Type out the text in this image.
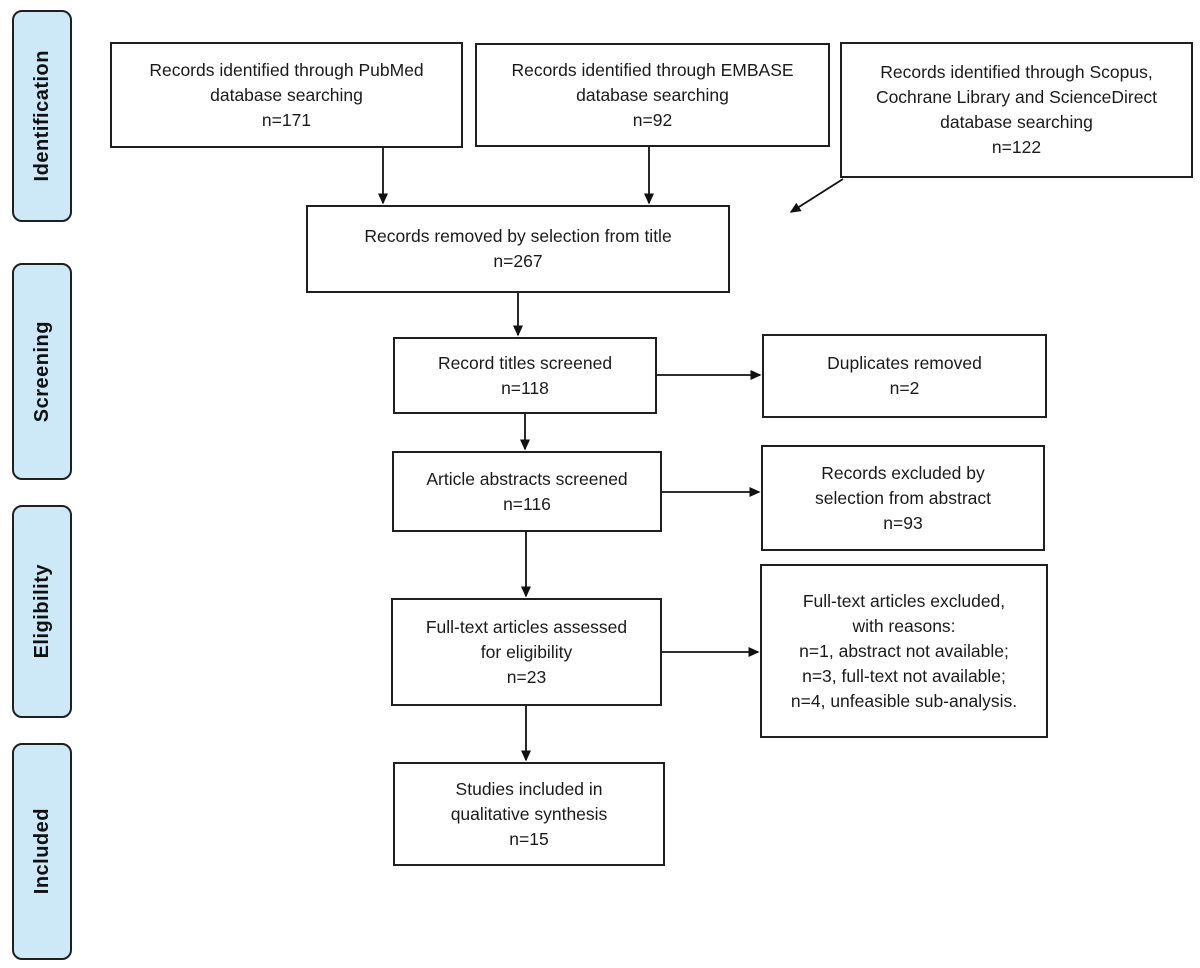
Identification
Screening
Eligibility
Included
Records identified through PubMed
database searching
n=171
Records identified through EMBASE
database searching
n=92
Records identified through Scopus,
Cochrane Library and ScienceDirect
database searching
n=122
Records removed by selection from title
n=267
Record titles screened
n=118
Duplicates removed
n=2
Article abstracts screened
n=116
Records excluded by
selection from abstract
n=93
Full-text articles assessed
for eligibility
n=23
Full-text articles excluded,
with reasons:
n=1, abstract not available;
n=3, full-text not available;
n=4, unfeasible sub-analysis.
Studies included in
qualitative synthesis
n=15
